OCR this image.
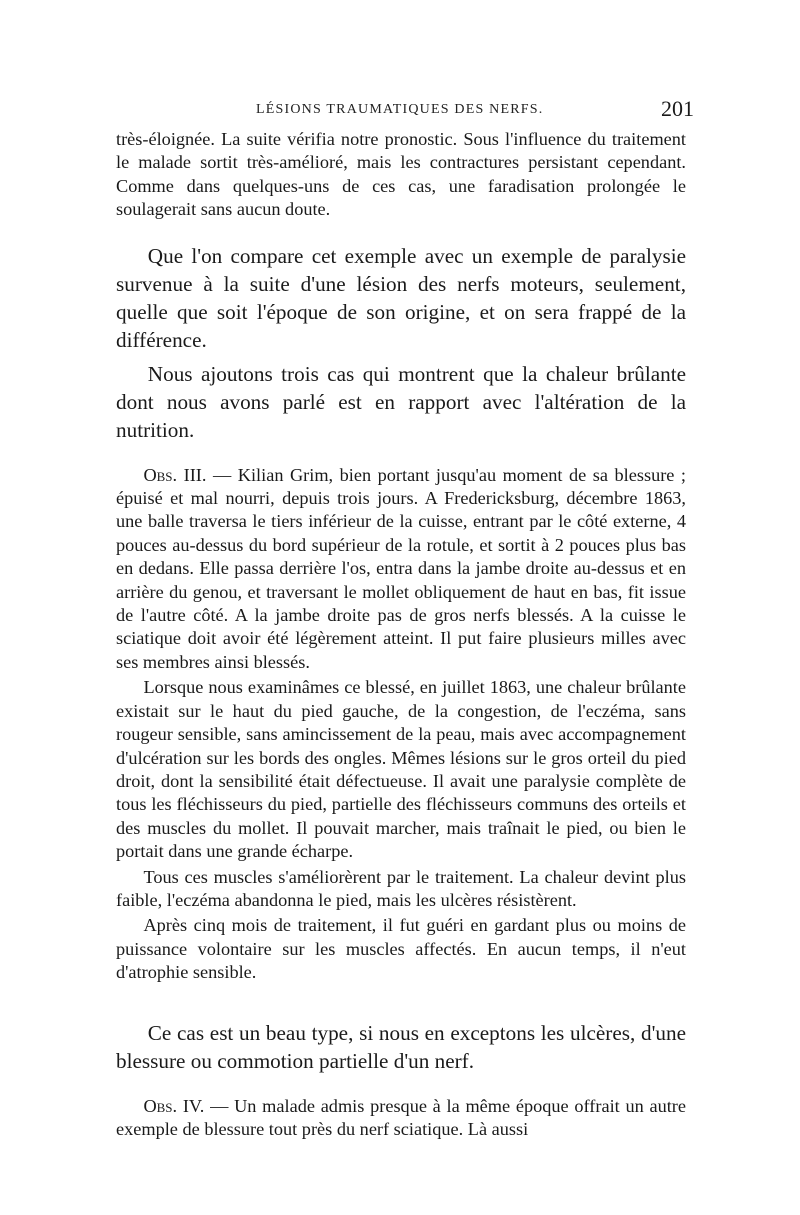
LÉSIONS TRAUMATIQUES DES NERFS.	201

très-éloignée. La suite vérifia notre pronostic. Sous l'influence du traitement le malade sortit très-amélioré, mais les contractures persistant cependant. Comme dans quelques-uns de ces cas, une faradisation prolongée le soulagerait sans aucun doute.

Que l'on compare cet exemple avec un exemple de paralysie survenue à la suite d'une lésion des nerfs moteurs, seulement, quelle que soit l'époque de son origine, et on sera frappé de la différence.

Nous ajoutons trois cas qui montrent que la chaleur brûlante dont nous avons parlé est en rapport avec l'altération de la nutrition.

Obs. III. — Kilian Grim, bien portant jusqu'au moment de sa blessure ; épuisé et mal nourri, depuis trois jours. A Fredericksburg, décembre 1863, une balle traversa le tiers inférieur de la cuisse, entrant par le côté externe, 4 pouces au-dessus du bord supérieur de la rotule, et sortit à 2 pouces plus bas en dedans. Elle passa derrière l'os, entra dans la jambe droite au-dessus et en arrière du genou, et traversant le mollet obliquement de haut en bas, fit issue de l'autre côté. A la jambe droite pas de gros nerfs blessés. A la cuisse le sciatique doit avoir été légèrement atteint. Il put faire plusieurs milles avec ses membres ainsi blessés.

Lorsque nous examinâmes ce blessé, en juillet 1863, une chaleur brûlante existait sur le haut du pied gauche, de la congestion, de l'eczéma, sans rougeur sensible, sans amincissement de la peau, mais avec accompagnement d'ulcération sur les bords des ongles. Mêmes lésions sur le gros orteil du pied droit, dont la sensibilité était défectueuse. Il avait une paralysie complète de tous les fléchisseurs du pied, partielle des fléchisseurs communs des orteils et des muscles du mollet. Il pouvait marcher, mais traînait le pied, ou bien le portait dans une grande écharpe.

Tous ces muscles s'améliorèrent par le traitement. La chaleur devint plus faible, l'eczéma abandonna le pied, mais les ulcères résistèrent.

Après cinq mois de traitement, il fut guéri en gardant plus ou moins de puissance volontaire sur les muscles affectés. En aucun temps, il n'eut d'atrophie sensible.

Ce cas est un beau type, si nous en exceptons les ulcères, d'une blessure ou commotion partielle d'un nerf.

Obs. IV. — Un malade admis presque à la même époque offrait un autre exemple de blessure tout près du nerf sciatique. Là aussi
